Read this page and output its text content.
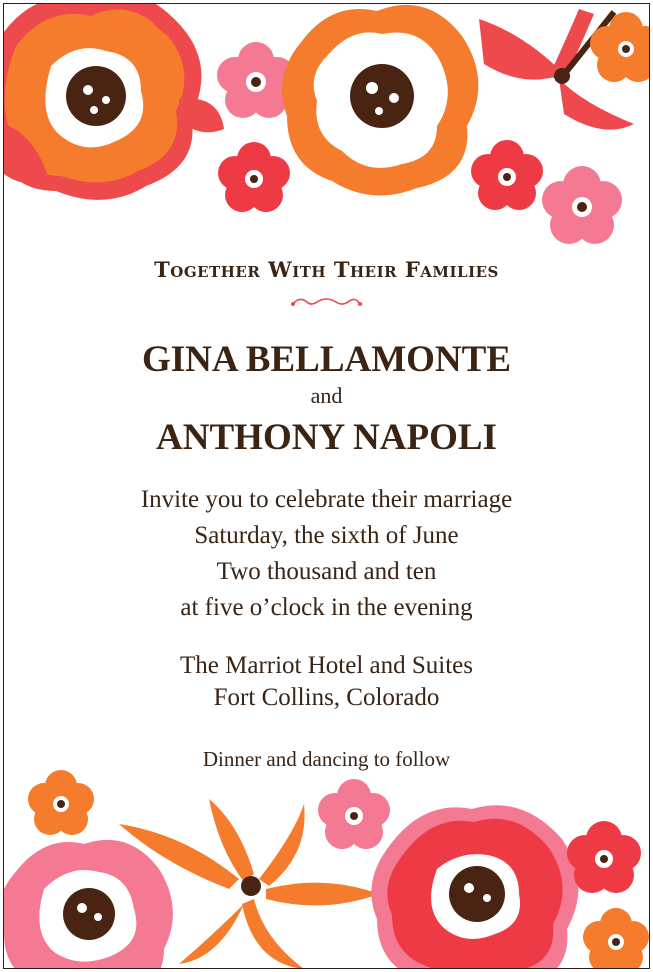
Together With Their Families
GINA BELLAMONTE
and
ANTHONY NAPOLI
Invite you to celebrate their marriage
Saturday, the sixth of June
Two thousand and ten
at five o’clock in the evening
The Marriot Hotel and Suites
Fort Collins, Colorado
Dinner and dancing to follow
